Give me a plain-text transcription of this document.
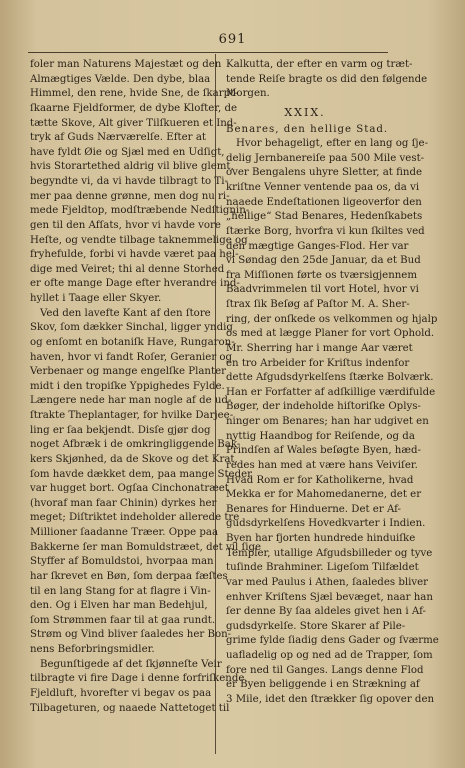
691
foler man Naturens Majestæt og den
Almægtiges Vælde. Den dybe, blaa
Himmel, den rene, hvide Sne, de ſkarpt-
ſkaarne Fjeldformer, de dybe Klofter, de
tætte Skove, Alt giver Tilſkueren et Ind-
tryk af Guds Nærværelſe. Efter at
have fyldt Øie og Sjæl med en Udſigt,
hvis Storartethed aldrig vil blive glemt,
begyndte vi, da vi havde tilbragt to Ti-
mer paa denne grønne, men dog nu ri-
mede Fjeldtop, modſtræbende Nedſtignin-
gen til den Afſats, hvor vi havde vore
Heſte, og vendte tilbage taknemmelige og
fryhefulde, forbi vi havde været paa hel-
dige med Veiret; thi al denne Storhed
er ofte mange Dage efter hverandre ind-
hyllet i Taage eller Skyer.
Ved den lavefte Kant af den ſtore
Skov, ſom dækker Sinchal, ligger yndig
og enſomt en botaniſk Have, Rungaron-
haven, hvor vi fandt Roſer, Geranier og
Verbenaer og mange engelſke Planter
midt i den tropiſke Yppighedes Fylde.
Længere nede har man nogle af de ud-
ſtrakte Theplantager, for hvilke Darjee-
ling er ſaa bekjendt. Disſe gjør dog
noget Afbræk i de omkringliggende Bak-
kers Skjønhed, da de Skove og det Krat,
ſom havde dækket dem, paa mange Steder
var hugget bort. Ogſaa Cinchonatræet
(hvoraf man faar Chinin) dyrkes her
meget; Diſtriktet indeholder allerede tre
Millioner ſaadanne Træer. Oppe paa
Bakkerne ſer man Bomuldstræet, det vil ſige
Styffer af Bomuldstoi, hvorpaa man
har ſkrevet en Bøn, ſom derpaa fæſtes
til en lang Stang for at flagre i Vin-
den. Og i Elven har man Bedehjul,
ſom Strømmen faar til at gaa rundt.
Strøm og Vind bliver ſaaledes her Bon-
nens Beforbringsmidler.
Begunſtigede af det ſkjønneſte Veir
tilbragte vi fire Dage i denne forfriſkende
Fjeldluft, hvorefter vi begav os paa
Tilbageturen, og naaede Nattetoget til
Kalkutta, der efter en varm og træt-
tende Reiſe bragte os did den følgende
Morgen.
XXIX.
Benares, den hellige Stad.
Hvor behageligt, efter en lang og ſje-
delig Jernbanereiſe paa 500 Mile vest-
over Bengalens uhyre Sletter, at finde
kriſtne Venner ventende paa os, da vi
naaede Endeſtationen ligeoverfor den
„hellige“ Stad Benares, Hedenſkabets
ſtærke Borg, hvorfra vi kun ſkiltes ved
den mægtige Ganges-Flod. Her var
vi Søndag den 25de Januar, da et Bud
fra Miſſionen førte os tværsigjennem
Baadvrimmelen til vort Hotel, hvor vi
ſtrax ſik Beſøg af Paſtor M. A. Sher-
ring, der onſkede os velkommen og hjalp
os med at lægge Planer for vort Ophold.
Mr. Sherring har i mange Aar været
en tro Arbeider for Kriſtus indenfor
dette Afgudsdyrkelſens ſtærke Bolværk.
Han er Forfatter af adſkillige værdifulde
Bøger, der indeholde hiſtoriſke Oplys-
ninger om Benares; han har udgivet en
nyttig Haandbog for Reiſende, og da
Prindſen af Wales beſøgte Byen, hæd-
redes han med at være hans Veiviſer.
Hvad Rom er for Katholikerne, hvad
Mekka er for Mahomedanerne, det er
Benares for Hinduerne. Det er Af-
gudsdyrkelſens Hovedkvarter i Indien.
Byen har fjorten hundrede hinduiſke
Templer, utallige Afgudsbilleder og tyve
tuſinde Brahminer. Ligeſom Tilfældet
var med Paulus i Athen, ſaaledes bliver
enhver Kriſtens Sjæl bevæget, naar han
ſer denne By ſaa aldeles givet hen i Af-
gudsdyrkelſe. Store Skarer af Pile-
grime fylde ſiadig dens Gader og ſværme
uafladelig op og ned ad de Trapper, ſom
fore ned til Ganges. Langs denne Flod
er Byen beliggende i en Strækning af
3 Mile, idet den ſtrækker ſig opover den
